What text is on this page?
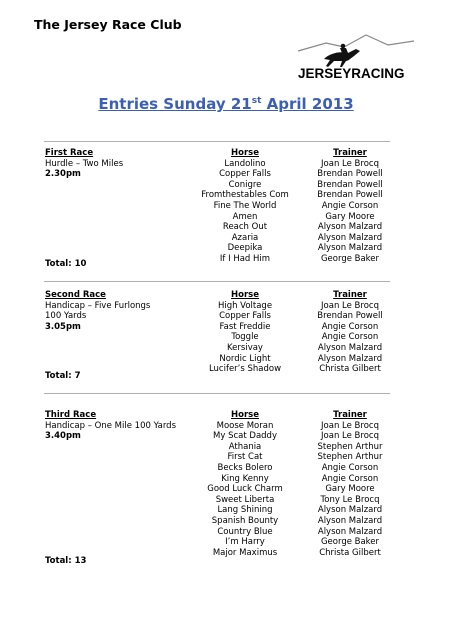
The Jersey Race Club
JERSEYRACING
Entries Sunday 21st April 2013
First Race
Hurdle – Two Miles
2.30pm
Horse
Landolino
Copper Falls
Conigre
Fromthestables Com
Fine The World
Amen
Reach Out
Azaria
Deepika
If I Had Him
Trainer
Joan Le Brocq
Brendan Powell
Brendan Powell
Brendan Powell
Angie Corson
Gary Moore
Alyson Malzard
Alyson Malzard
Alyson Malzard
George Baker
Total: 10
Second Race
Handicap – Five Furlongs
100 Yards
3.05pm
Horse
High Voltage
Copper Falls
Fast Freddie
Toggle
Kersivay
Nordic Light
Lucifer’s Shadow
Trainer
Joan Le Brocq
Brendan Powell
Angie Corson
Angie Corson
Alyson Malzard
Alyson Malzard
Christa Gilbert
Total: 7
Third Race
Handicap – One Mile 100 Yards
3.40pm
Horse
Moose Moran
My Scat Daddy
Athania
First Cat
Becks Bolero
King Kenny
Good Luck Charm
Sweet Liberta
Lang Shining
Spanish Bounty
Country Blue
I’m Harry
Major Maximus
Trainer
Joan Le Brocq
Joan Le Brocq
Stephen Arthur
Stephen Arthur
Angie Corson
Angie Corson
Gary Moore
Tony Le Brocq
Alyson Malzard
Alyson Malzard
Alyson Malzard
George Baker
Christa Gilbert
Total: 13
